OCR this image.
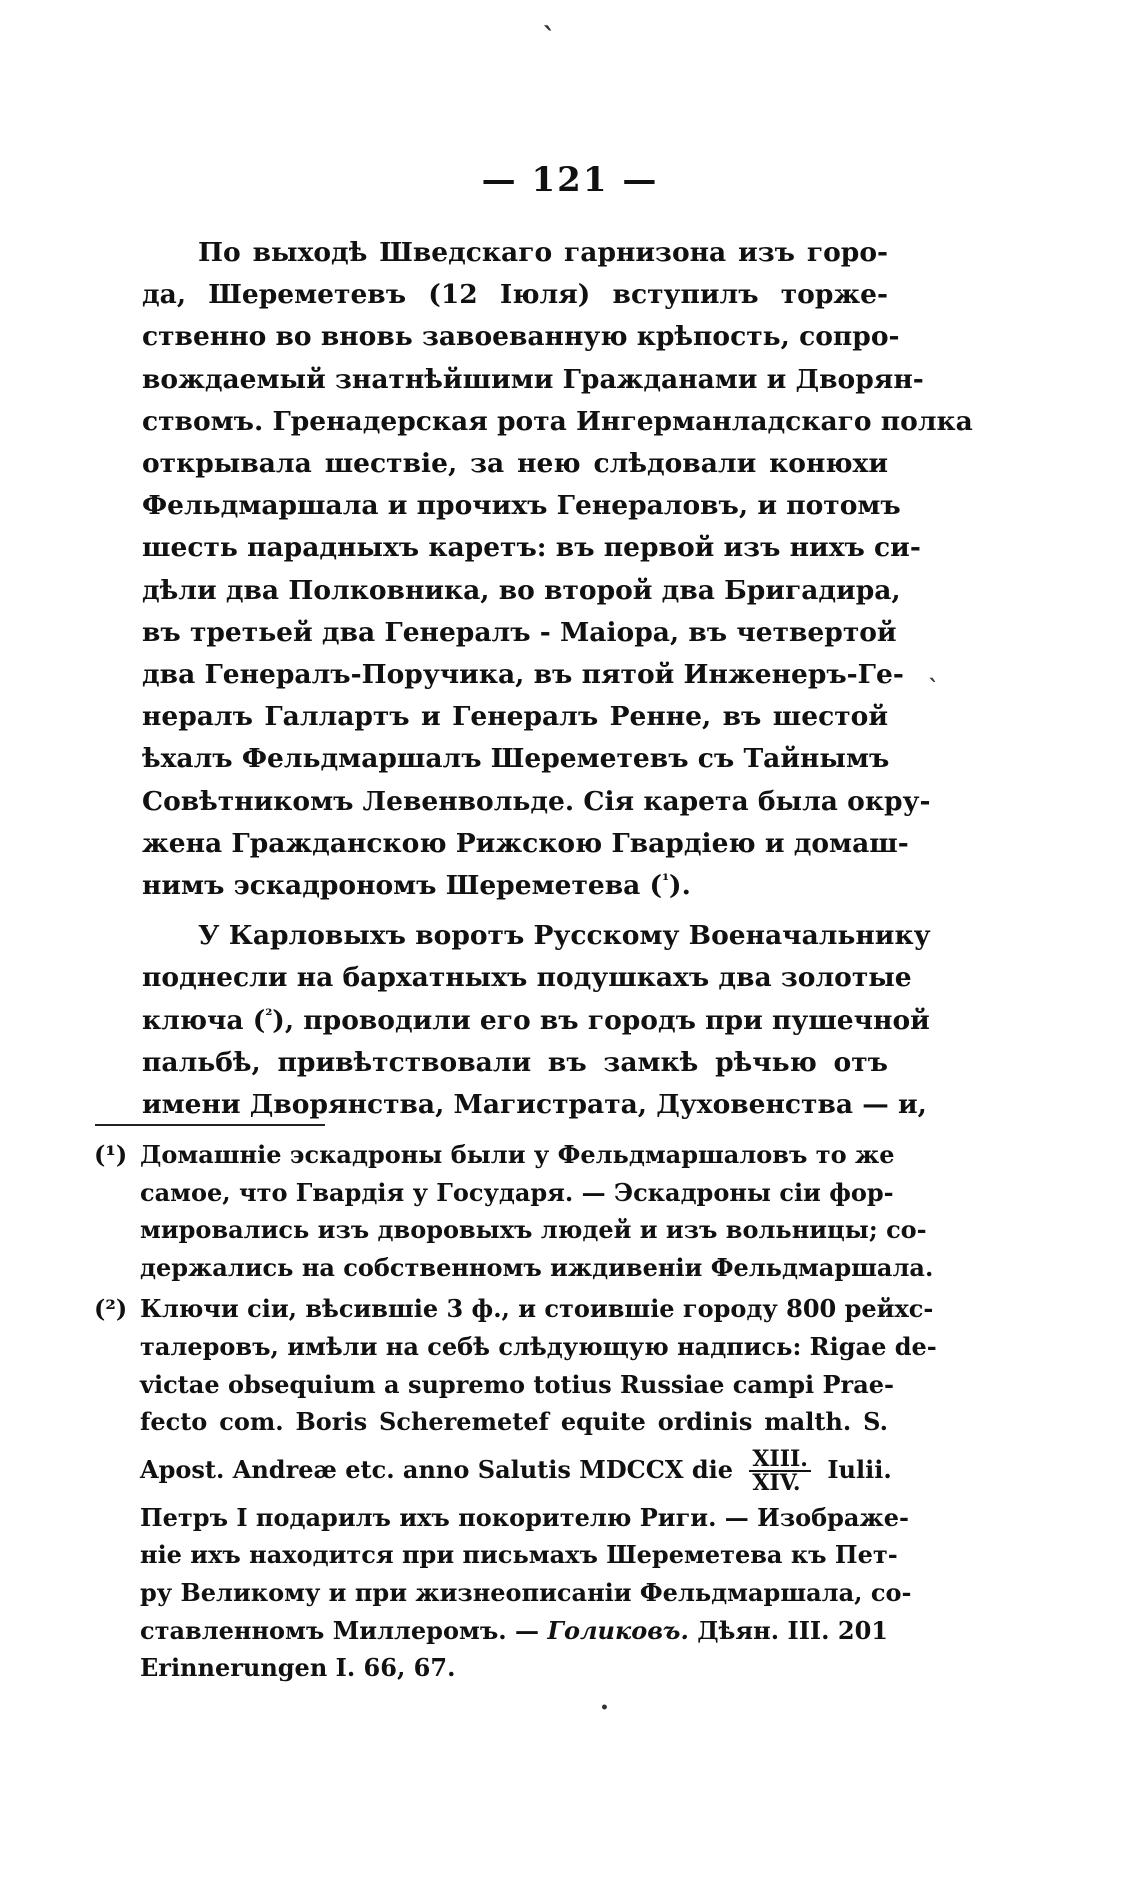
ˋ
— 121 —
По выходѣ Шведскаго гарнизона изъ горо-
да, Шереметевъ (12 Іюля) вступилъ торже-
ственно во вновь завоеванную крѣпость, сопро-
вождаемый знатнѣйшими Гражданами и Дворян-
ствомъ. Гренадерская рота Ингерманладскаго полка
открывала шествіе, за нею слѣдовали конюхи
Фельдмаршала и прочихъ Генераловъ, и потомъ
шесть парадныхъ каретъ: въ первой изъ нихъ си-
дѣли два Полковника, во второй два Бригадира,
въ третьей два Генералъ - Маіора, въ четвертой
два Генералъ-Поручика, въ пятой Инженеръ-Ге-
нералъ Галлартъ и Генералъ Ренне, въ шестой
ѣхалъ Фельдмаршалъ Шереметевъ съ Тайнымъ
Совѣтникомъ Левенвольде. Сія карета была окру-
жена Гражданскою Рижскою Гвардіею и домаш-
нимъ эскадрономъ Шереметева ($^{^1}$).
У Карловыхъ воротъ Русскому Военачальнику
поднесли на бархатныхъ подушкахъ два золотые
ключа ($^{^2}$), проводили его въ городъ при пушечной
пальбѣ, привѣтствовали въ замкѣ рѣчью отъ
имени Дворянства, Магистрата, Духовенства — и,
ˋ
(¹) Домашніе эскадроны были у Фельдмаршаловъ то же
самое, что Гвардія у Государя. — Эскадроны сіи фор-
мировались изъ дворовыхъ людей и изъ вольницы; со-
держались на собственномъ иждивеніи Фельдмаршала.
(²) Ключи сіи, вѣсившіе 3 ф., и стоившіе городу 800 рейхс-
талеровъ, имѣли на себѣ слѣдующую надпись: Rigae de-
victae obsequium a supremo totius Russiae campi Prae-
fecto com. Boris Scheremetef equite ordinis malth. S.
Apost. Andreæ etc. anno Salutis MDCCX die $\frac{\text{XIII.}}{\text{XIV.}}$ Iulii.
Петръ I подарилъ ихъ покорителю Риги. — Изображе-
ніе ихъ находится при письмахъ Шереметева къ Пет-
ру Великому и при жизнеописаніи Фельдмаршала, со-
ставленномъ Миллеромъ. — Голиковъ. Дѣян. III. 201
Erinnerungen I. 66, 67.
•
